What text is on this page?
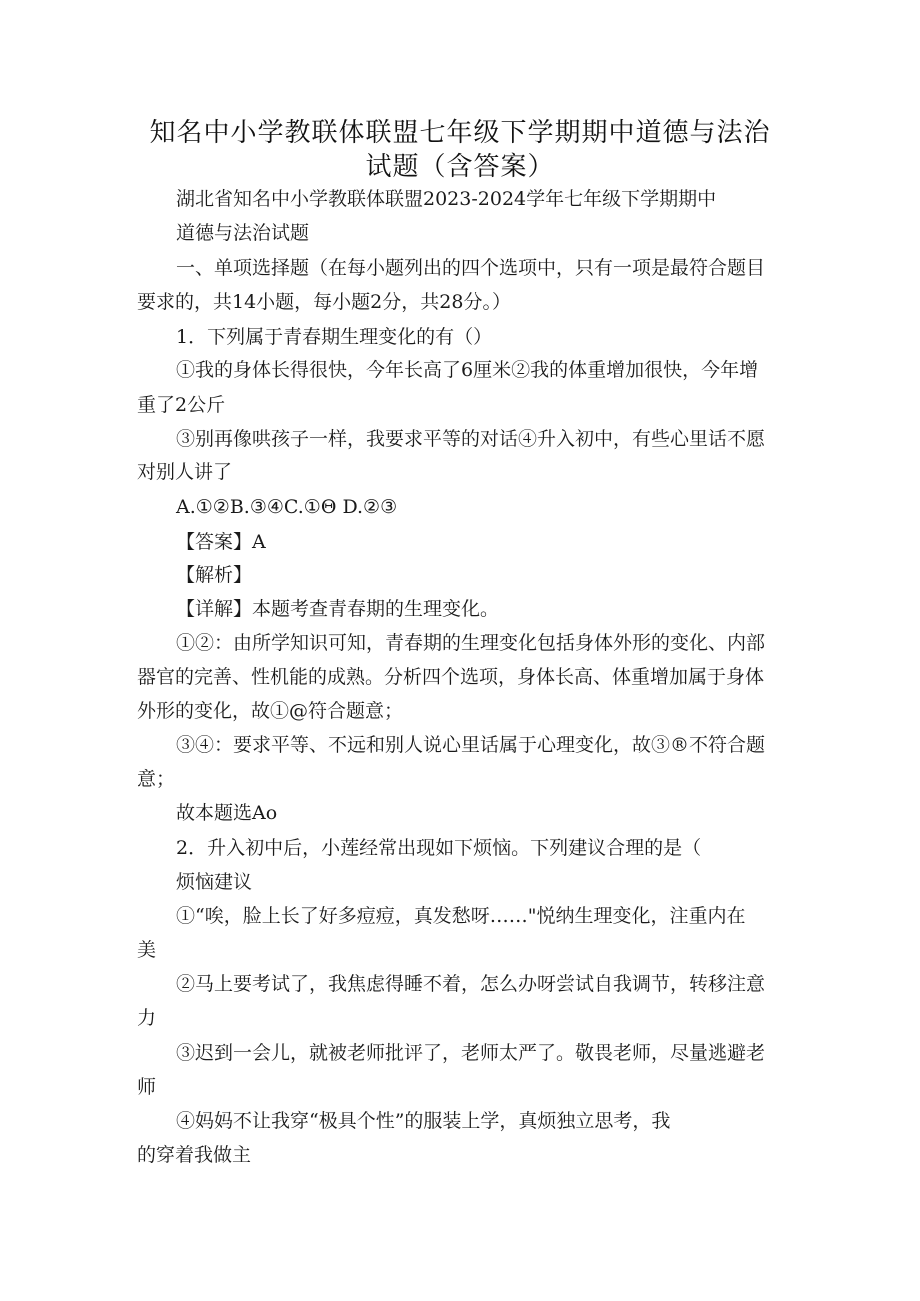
知名中小学教联体联盟七年级下学期期中道德与法治
试题（含答案）
湖北省知名中小学教联体联盟2023-2024学年七年级下学期期中
道德与法治试题
一、单项选择题（在每小题列出的四个选项中，只有一项是最符合题目
要求的，共14小题，每小题2分，共28分。）
1．下列属于青春期生理变化的有（）
①我的身体长得很快，今年长高了6厘米②我的体重增加很快，今年增
重了2公斤
③别再像哄孩子一样，我要求平等的对话④升入初中，有些心里话不愿
对别人讲了
A.①②B.③④C.①Θ D.②③
【答案】A
【解析】
【详解】本题考查青春期的生理变化。
①②：由所学知识可知，青春期的生理变化包括身体外形的变化、内部
器官的完善、性机能的成熟。分析四个选项，身体长高、体重增加属于身体
外形的变化，故①@符合题意；
③④：要求平等、不远和别人说心里话属于心理变化，故③®不符合题
意；
故本题选Ao
2．升入初中后，小莲经常出现如下烦恼。下列建议合理的是（
烦恼建议
①“唉，脸上长了好多痘痘，真发愁呀……"悦纳生理变化，注重内在
美
②马上要考试了，我焦虑得睡不着，怎么办呀尝试自我调节，转移注意
力
③迟到一会儿，就被老师批评了，老师太严了。敬畏老师，尽量逃避老
师
④妈妈不让我穿“极具个性”的服装上学，真烦独立思考，我
的穿着我做主
